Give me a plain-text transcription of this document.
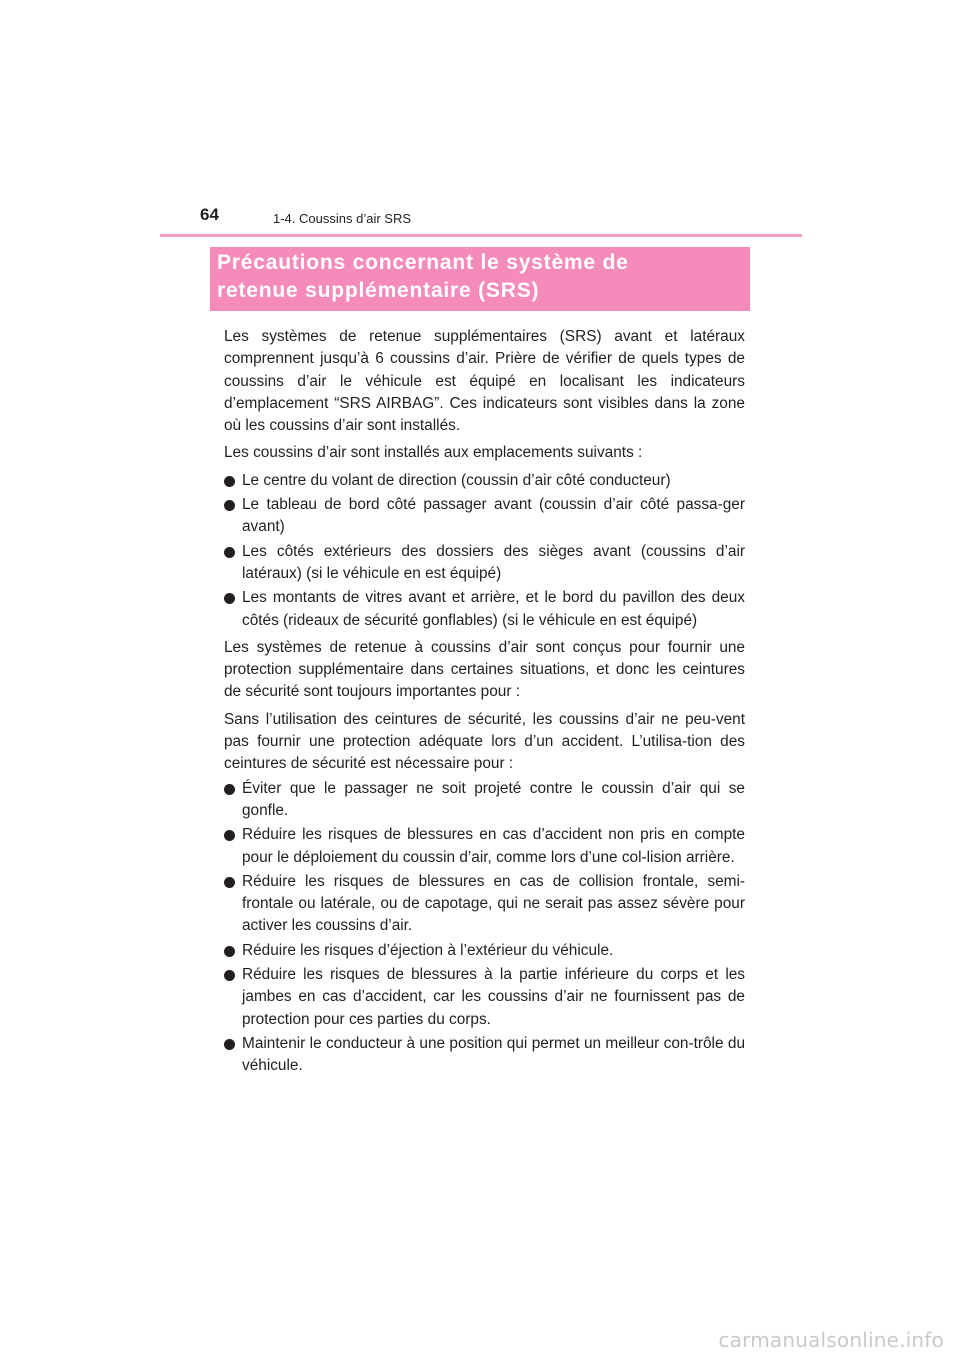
64	1-4. Coussins d’air SRS
Précautions concernant le système de
retenue supplémentaire (SRS)

Les systèmes de retenue supplémentaires (SRS) avant et latéraux comprennent jusqu’à 6 coussins d’air. Prière de vérifier de quels types de coussins d’air le véhicule est équipé en localisant les indicateurs d’emplacement “SRS AIRBAG”. Ces indicateurs sont visibles dans la zone où les coussins d’air sont installés.

Les coussins d’air sont installés aux emplacements suivants :

Le centre du volant de direction (coussin d’air côté conducteur)
Le tableau de bord côté passager avant (coussin d’air côté passa-ger avant)
Les côtés extérieurs des dossiers des sièges avant (coussins d’air latéraux) (si le véhicule en est équipé)
Les montants de vitres avant et arrière, et le bord du pavillon des deux côtés (rideaux de sécurité gonflables) (si le véhicule en est équipé)

Les systèmes de retenue à coussins d’air sont conçus pour fournir une protection supplémentaire dans certaines situations, et donc les ceintures de sécurité sont toujours importantes pour :

Sans l’utilisation des ceintures de sécurité, les coussins d’air ne peu-vent pas fournir une protection adéquate lors d’un accident. L’utilisa-tion des ceintures de sécurité est nécessaire pour :

Éviter que le passager ne soit projeté contre le coussin d’air qui se gonfle.
Réduire les risques de blessures en cas d’accident non pris en compte pour le déploiement du coussin d’air, comme lors d’une col-lision arrière.
Réduire les risques de blessures en cas de collision frontale, semi-frontale ou latérale, ou de capotage, qui ne serait pas assez sévère pour activer les coussins d’air.
Réduire les risques d’éjection à l’extérieur du véhicule.
Réduire les risques de blessures à la partie inférieure du corps et les jambes en cas d’accident, car les coussins d’air ne fournissent pas de protection pour ces parties du corps.
Maintenir le conducteur à une position qui permet un meilleur con-trôle du véhicule.
carmanualsonline.info
